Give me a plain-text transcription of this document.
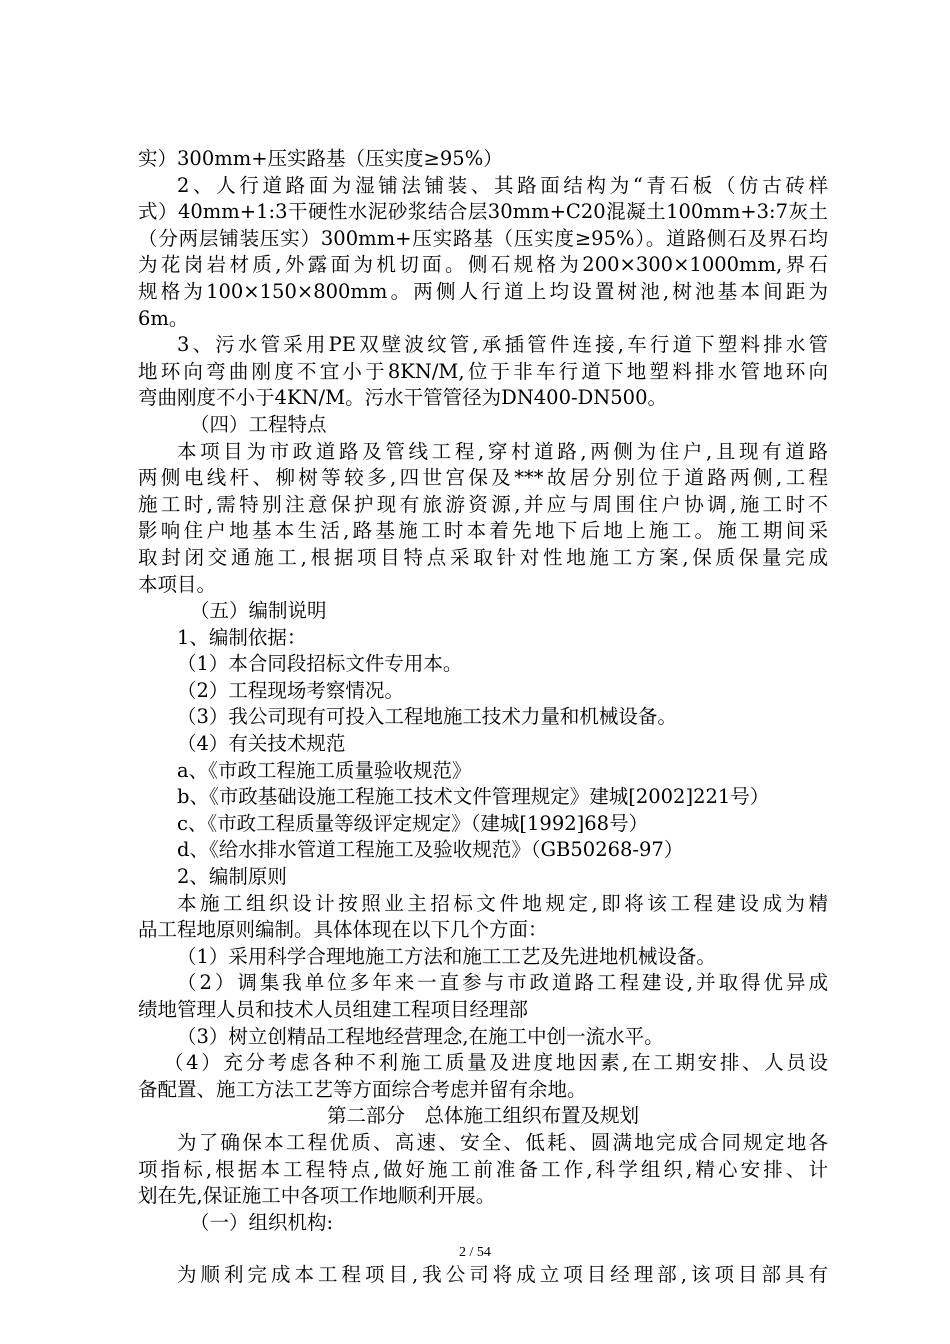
实）300mm+压实路基（压实度≥95%）
2、人行道路面为湿铺法铺装、其路面结构为“青石板（仿古砖样
式）40mm+1:3干硬性水泥砂浆结合层30mm+C20混凝土100mm+3:7灰土
（分两层铺装压实）300mm+压实路基（压实度≥95%）。道路侧石及界石均
为花岗岩材质,外露面为机切面。侧石规格为200×300×1000mm,界石
规格为100×150×800mm。两侧人行道上均设置树池,树池基本间距为
6m。
3、污水管采用PE双壁波纹管,承插管件连接,车行道下塑料排水管
地环向弯曲刚度不宜小于8KN/M,位于非车行道下地塑料排水管地环向
弯曲刚度不小于4KN/M。污水干管管径为DN400-DN500。
（四）工程特点
本项目为市政道路及管线工程,穿村道路,两侧为住户,且现有道路
两侧电线杆、柳树等较多,四世宫保及***故居分别位于道路两侧,工程
施工时,需特别注意保护现有旅游资源,并应与周围住户协调,施工时不
影响住户地基本生活,路基施工时本着先地下后地上施工。施工期间采
取封闭交通施工,根据项目特点采取针对性地施工方案,保质保量完成
本项目。
（五）编制说明
1、编制依据：
（1）本合同段招标文件专用本。
（2）工程现场考察情况。
（3）我公司现有可投入工程地施工技术力量和机械设备。
（4）有关技术规范
a、《市政工程施工质量验收规范》
b、《市政基础设施工程施工技术文件管理规定》建城[2002]221号）
c、《市政工程质量等级评定规定》（建城[1992]68号）
d、《给水排水管道工程施工及验收规范》（GB50268-97）
2、编制原则
本施工组织设计按照业主招标文件地规定,即将该工程建设成为精
品工程地原则编制。具体体现在以下几个方面：
（1）采用科学合理地施工方法和施工工艺及先进地机械设备。
（2）调集我单位多年来一直参与市政道路工程建设,并取得优异成
绩地管理人员和技术人员组建工程项目经理部
（3）树立创精品工程地经营理念,在施工中创一流水平。
（4）充分考虑各种不利施工质量及进度地因素,在工期安排、人员设
备配置、施工方法工艺等方面综合考虑并留有余地。
第二部分　总体施工组织布置及规划
为了确保本工程优质、高速、安全、低耗、圆满地完成合同规定地各
项指标,根据本工程特点,做好施工前准备工作,科学组织,精心安排、计
划在先,保证施工中各项工作地顺利开展。
（一）组织机构:
为顺利完成本工程项目,我公司将成立项目经理部,该项目部具有
2 / 54
